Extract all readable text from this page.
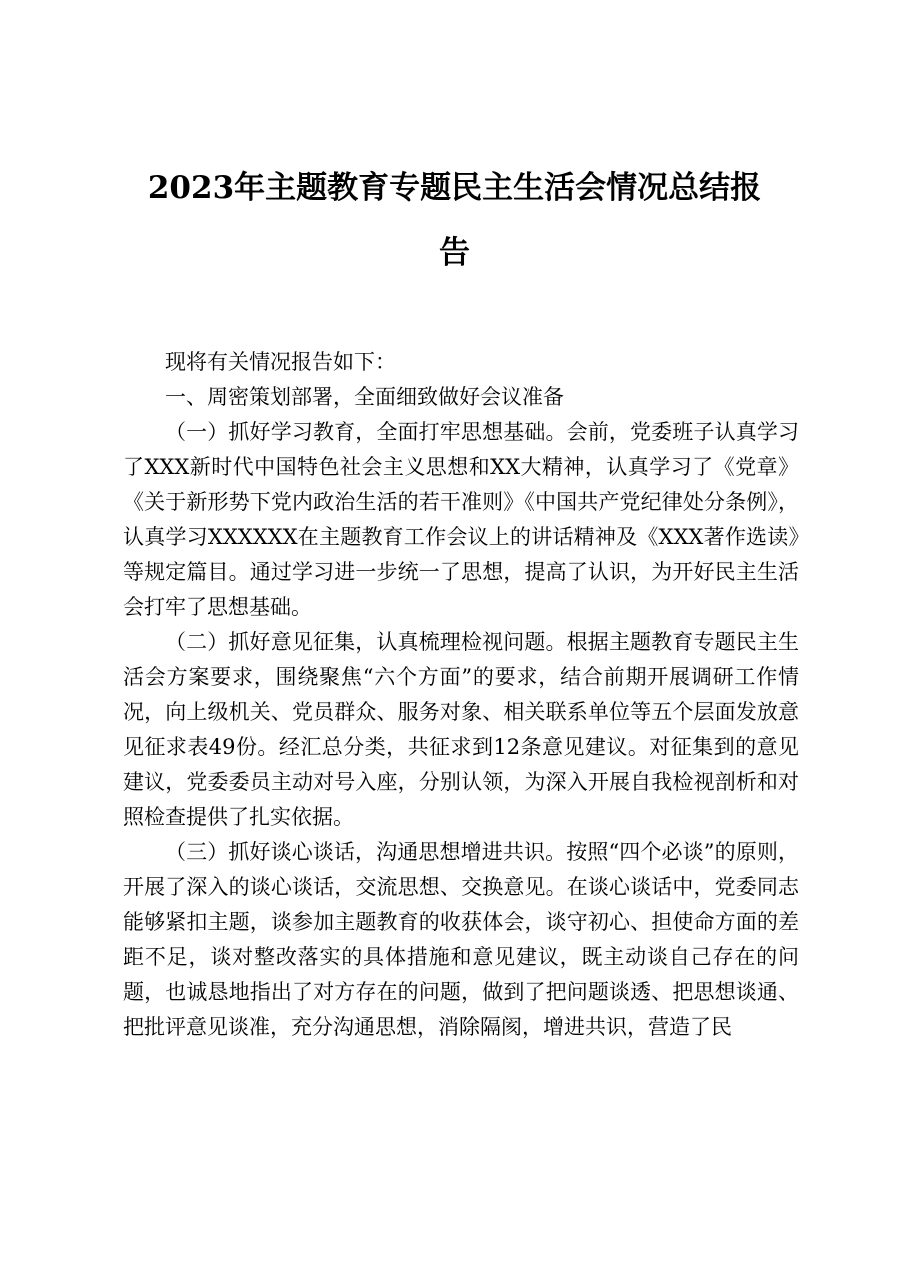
2023年主题教育专题民主生活会情况总结报
告

现将有关情况报告如下：

一、周密策划部署，全面细致做好会议准备

（一）抓好学习教育，全面打牢思想基础。会前，党委班子认真学习了XXX新时代中国特色社会主义思想和XX大精神，认真学习了《党章》《关于新形势下党内政治生活的若干准则》《中国共产党纪律处分条例》，认真学习XXXXXX在主题教育工作会议上的讲话精神及《XXX著作选读》等规定篇目。通过学习进一步统一了思想，提高了认识，为开好民主生活会打牢了思想基础。

（二）抓好意见征集，认真梳理检视问题。根据主题教育专题民主生活会方案要求，围绕聚焦“六个方面”的要求，结合前期开展调研工作情况，向上级机关、党员群众、服务对象、相关联系单位等五个层面发放意见征求表49份。经汇总分类，共征求到12条意见建议。对征集到的意见建议，党委委员主动对号入座，分别认领，为深入开展自我检视剖析和对照检查提供了扎实依据。

（三）抓好谈心谈话，沟通思想增进共识。按照“四个必谈”的原则，开展了深入的谈心谈话，交流思想、交换意见。在谈心谈话中，党委同志能够紧扣主题，谈参加主题教育的收获体会，谈守初心、担使命方面的差距不足，谈对整改落实的具体措施和意见建议，既主动谈自己存在的问题，也诚恳地指出了对方存在的问题，做到了把问题谈透、把思想谈通、把批评意见谈准，充分沟通思想，消除隔阂，增进共识，营造了民
